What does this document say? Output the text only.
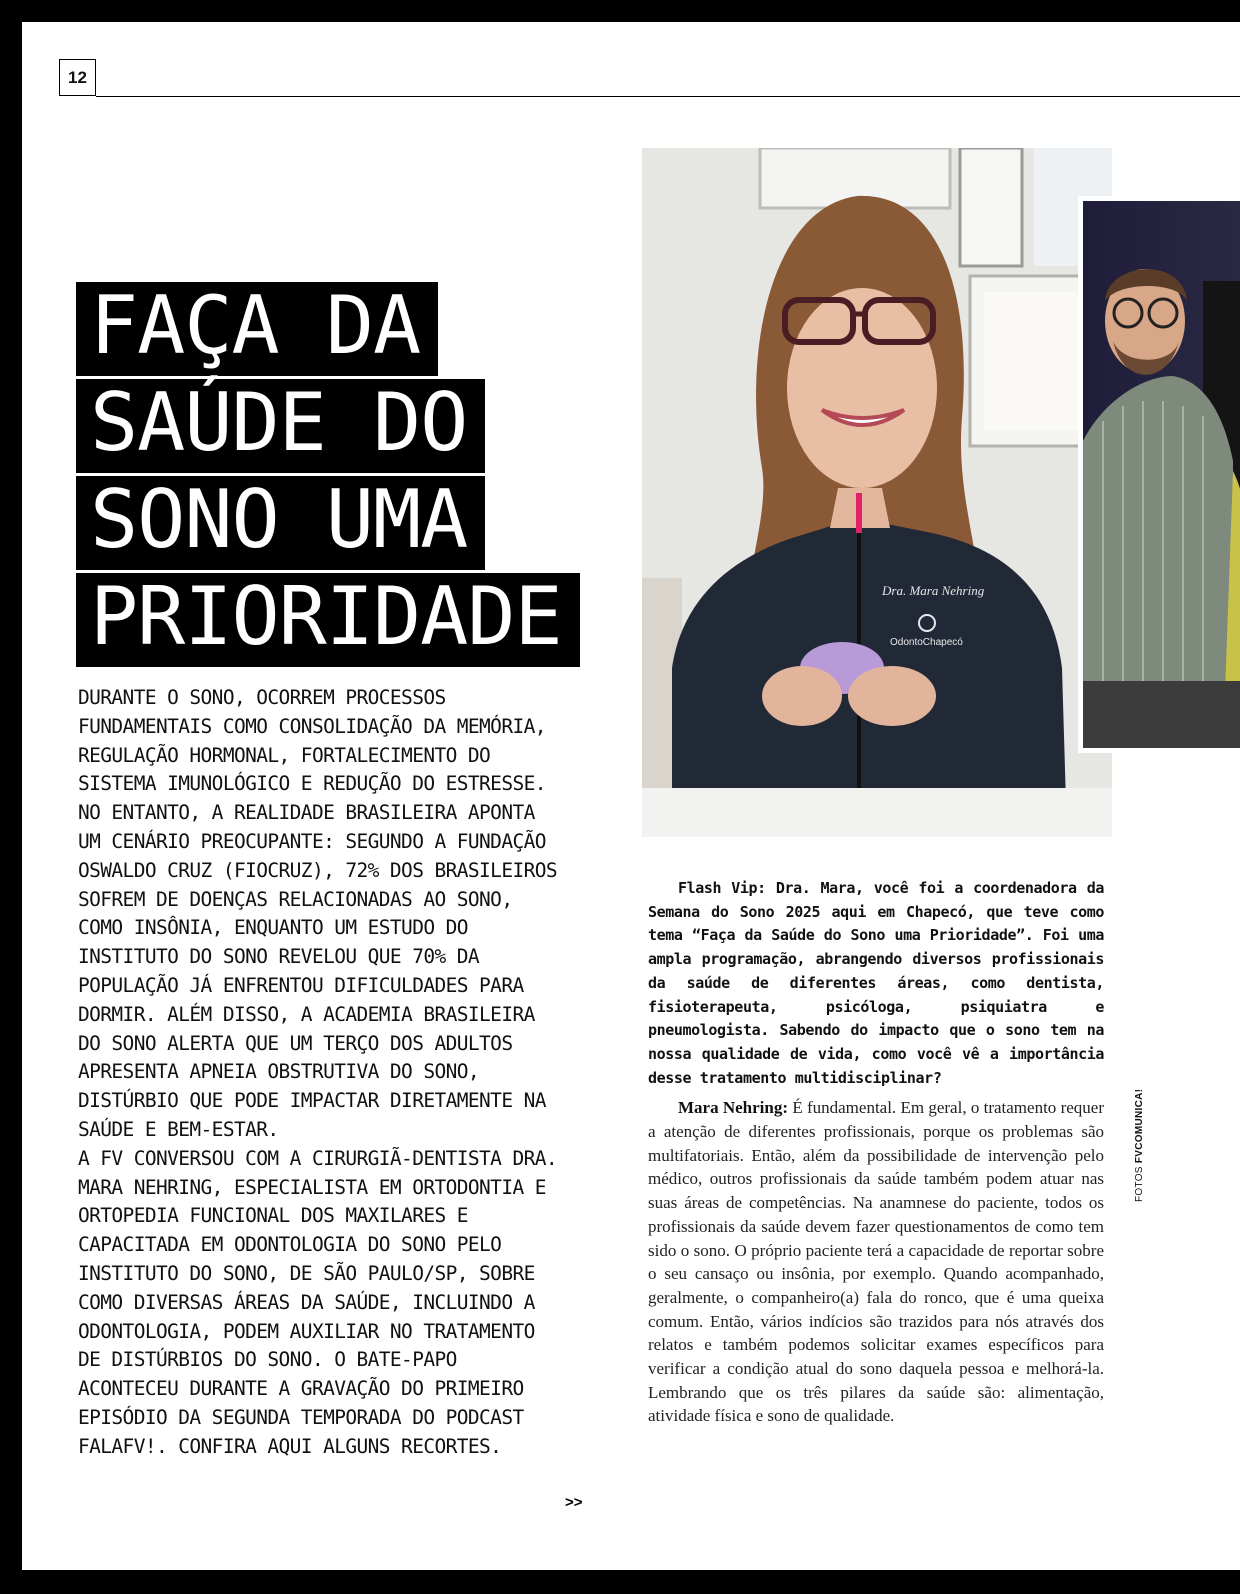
12
FAÇA DA
SAÚDE DO
SONO UMA
PRIORIDADE

DURANTE O SONO, OCORREM PROCESSOS FUNDAMENTAIS COMO CONSOLIDAÇÃO DA MEMÓRIA, REGULAÇÃO HORMONAL, FORTALECIMENTO DO SISTEMA IMUNOLÓGICO E REDUÇÃO DO ESTRESSE. NO ENTANTO, A REALIDADE BRASILEIRA APONTA UM CENÁRIO PREOCUPANTE: SEGUNDO A FUNDAÇÃO OSWALDO CRUZ (FIOCRUZ), 72% DOS BRASILEIROS SOFREM DE DOENÇAS RELACIONADAS AO SONO, COMO INSÔNIA, ENQUANTO UM ESTUDO DO INSTITUTO DO SONO REVELOU QUE 70% DA POPULAÇÃO JÁ ENFRENTOU DIFICULDADES PARA DORMIR. ALÉM DISSO, A ACADEMIA BRASILEIRA DO SONO ALERTA QUE UM TERÇO DOS ADULTOS APRESENTA APNEIA OBSTRUTIVA DO SONO, DISTÚRBIO QUE PODE IMPACTAR DIRETAMENTE NA SAÚDE E BEM-ESTAR.

A FV CONVERSOU COM A CIRURGIÃ-DENTISTA DRA. MARA NEHRING, ESPECIALISTA EM ORTODONTIA E ORTOPEDIA FUNCIONAL DOS MAXILARES E CAPACITADA EM ODONTOLOGIA DO SONO PELO INSTITUTO DO SONO, DE SÃO PAULO/SP, SOBRE COMO DIVERSAS ÁREAS DA SAÚDE, INCLUINDO A ODONTOLOGIA, PODEM AUXILIAR NO TRATAMENTO DE DISTÚRBIOS DO SONO. O BATE-PAPO ACONTECEU DURANTE A GRAVAÇÃO DO PRIMEIRO EPISÓDIO DA SEGUNDA TEMPORADA DO PODCAST FALAFV!. CONFIRA AQUI ALGUNS RECORTES.

>>
Dra. Mara Nehring
OdontoChapecó
FOTOS FVCOMUNICA!

Flash Vip: Dra. Mara, você foi a coordenadora da Semana do Sono 2025 aqui em Chapecó, que teve como tema “Faça da Saúde do Sono uma Prioridade”. Foi uma ampla programação, abrangendo diversos profissionais da saúde de diferentes áreas, como dentista, fisioterapeuta, psicóloga, psiquiatra e pneumologista. Sabendo do impacto que o sono tem na nossa qualidade de vida, como você vê a importância desse tratamento multidisciplinar?

Mara Nehring: É fundamental. Em geral, o tratamento requer a atenção de diferentes profissionais, porque os problemas são multifatoriais. Então, além da possibilidade de intervenção pelo médico, outros profissionais da saúde também podem atuar nas suas áreas de competências. Na anamnese do paciente, todos os profissionais da saúde devem fazer questionamentos de como tem sido o sono. O próprio paciente terá a capacidade de reportar sobre o seu cansaço ou insônia, por exemplo. Quando acompanhado, geralmente, o companheiro(a) fala do ronco, que é uma queixa comum. Então, vários indícios são trazidos para nós através dos relatos e também podemos solicitar exames específicos para verificar a condição atual do sono daquela pessoa e melhorá-la. Lembrando que os três pilares da saúde são: alimentação, atividade física e sono de qualidade.
